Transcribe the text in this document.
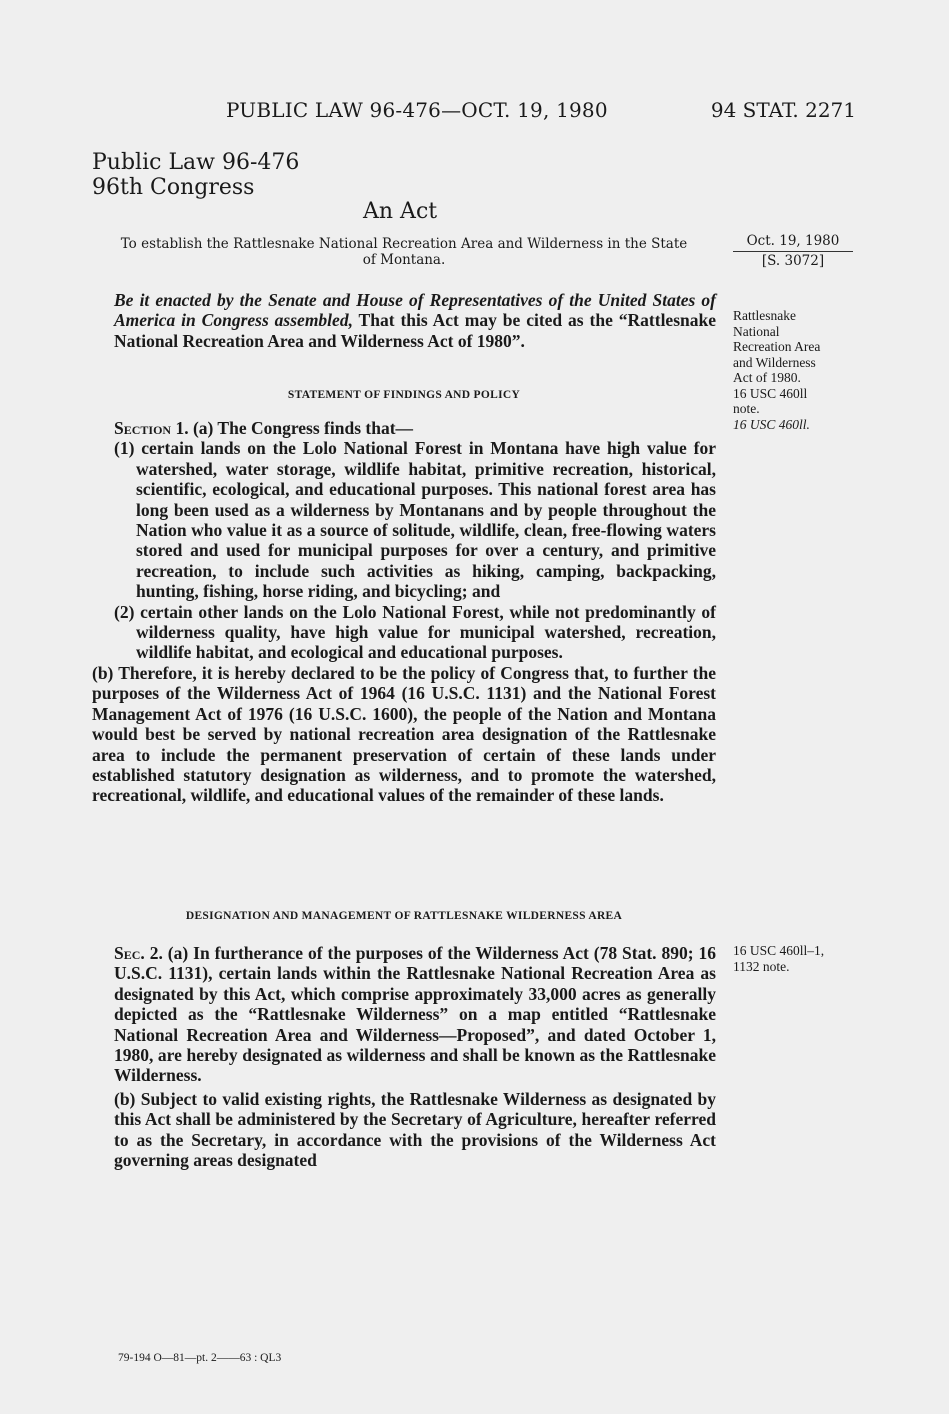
PUBLIC LAW 96-476—OCT. 19, 1980	94 STAT. 2271
Public Law 96-476
96th Congress
An Act
To establish the Rattlesnake National Recreation Area and Wilderness in the State
of Montana.
Oct. 19, 1980
[S. 3072]

Be it enacted by the Senate and House of Representatives of the United States of America in Congress assembled, That this Act may be cited as the “Rattlesnake National Recreation Area and Wilderness Act of 1980”.

STATEMENT OF FINDINGS AND POLICY

Section 1. (a) The Congress finds that—

(1) certain lands on the Lolo National Forest in Montana have high value for watershed, water storage, wildlife habitat, primitive recreation, historical, scientific, ecological, and educational purposes. This national forest area has long been used as a wilderness by Montanans and by people throughout the Nation who value it as a source of solitude, wildlife, clean, free-flowing waters stored and used for municipal purposes for over a century, and primitive recreation, to include such activities as hiking, camping, backpacking, hunting, fishing, horse riding, and bicycling; and

(2) certain other lands on the Lolo National Forest, while not predominantly of wilderness quality, have high value for municipal watershed, recreation, wildlife habitat, and ecological and educational purposes.

(b) Therefore, it is hereby declared to be the policy of Congress that, to further the purposes of the Wilderness Act of 1964 (16 U.S.C. 1131) and the National Forest Management Act of 1976 (16 U.S.C. 1600), the people of the Nation and Montana would best be served by national recreation area designation of the Rattlesnake area to include the permanent preservation of certain of these lands under established statutory designation as wilderness, and to promote the watershed, recreational, wildlife, and educational values of the remainder of these lands.

DESIGNATION AND MANAGEMENT OF RATTLESNAKE WILDERNESS AREA

Sec. 2. (a) In furtherance of the purposes of the Wilderness Act (78 Stat. 890; 16 U.S.C. 1131), certain lands within the Rattlesnake National Recreation Area as designated by this Act, which comprise approximately 33,000 acres as generally depicted as the “Rattlesnake Wilderness” on a map entitled “Rattlesnake National Recreation Area and Wilderness—Proposed”, and dated October 1, 1980, are hereby designated as wilderness and shall be known as the Rattlesnake Wilderness.

(b) Subject to valid existing rights, the Rattlesnake Wilderness as designated by this Act shall be administered by the Secretary of Agriculture, hereafter referred to as the Secretary, in accordance with the provisions of the Wilderness Act governing areas designated

Rattlesnake
National
Recreation Area
and Wilderness
Act of 1980.
16 USC 460ll
note.
16 USC 460ll.
16 USC 460ll–1,
1132 note.
79-194 O—81—pt. 2——63 : QL3
